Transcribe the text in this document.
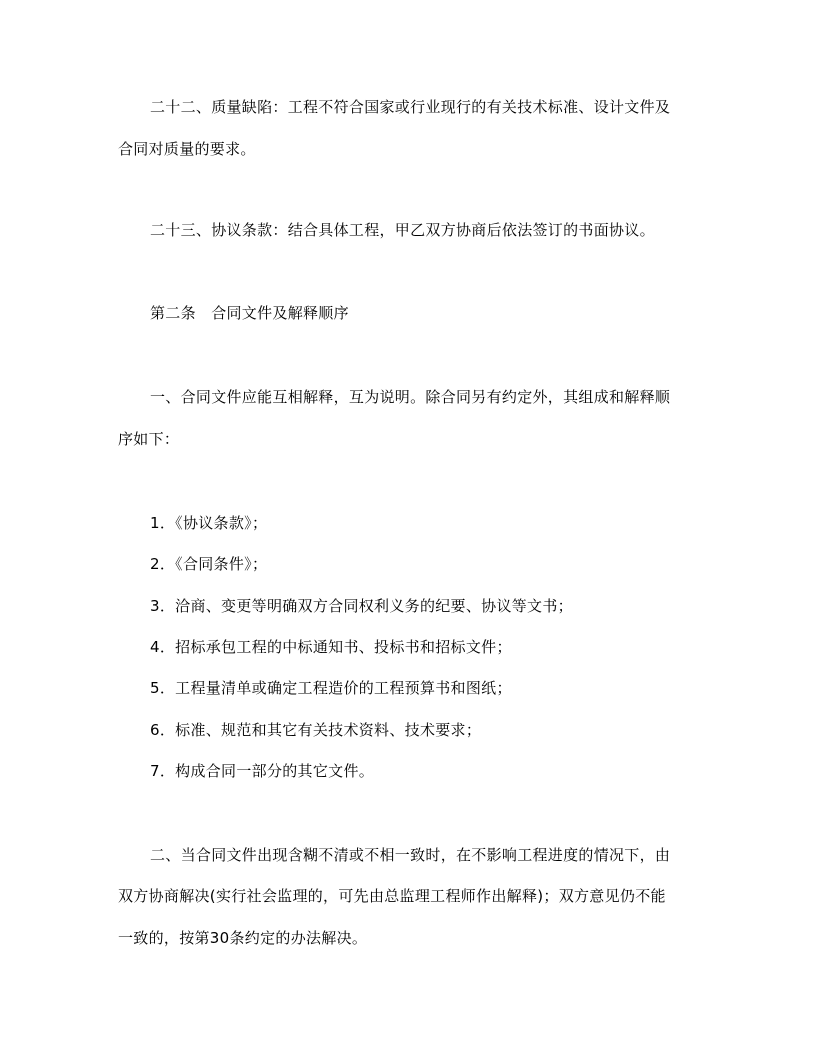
二十二、质量缺陷：工程不符合国家或行业现行的有关技术标准、设计文件及
合同对质量的要求。
二十三、协议条款：结合具体工程，甲乙双方协商后依法签订的书面协议。
第二条　合同文件及解释顺序
一、合同文件应能互相解释，互为说明。除合同另有约定外，其组成和解释顺
序如下：
1．《协议条款》；
2．《合同条件》；
3．洽商、变更等明确双方合同权利义务的纪要、协议等文书；
4．招标承包工程的中标通知书、投标书和招标文件；
5．工程量清单或确定工程造价的工程预算书和图纸；
6．标准、规范和其它有关技术资料、技术要求；
7．构成合同一部分的其它文件。
二、当合同文件出现含糊不清或不相一致时，在不影响工程进度的情况下，由
双方协商解决(实行社会监理的，可先由总监理工程师作出解释)；双方意见仍不能
一致的，按第30条约定的办法解决。
